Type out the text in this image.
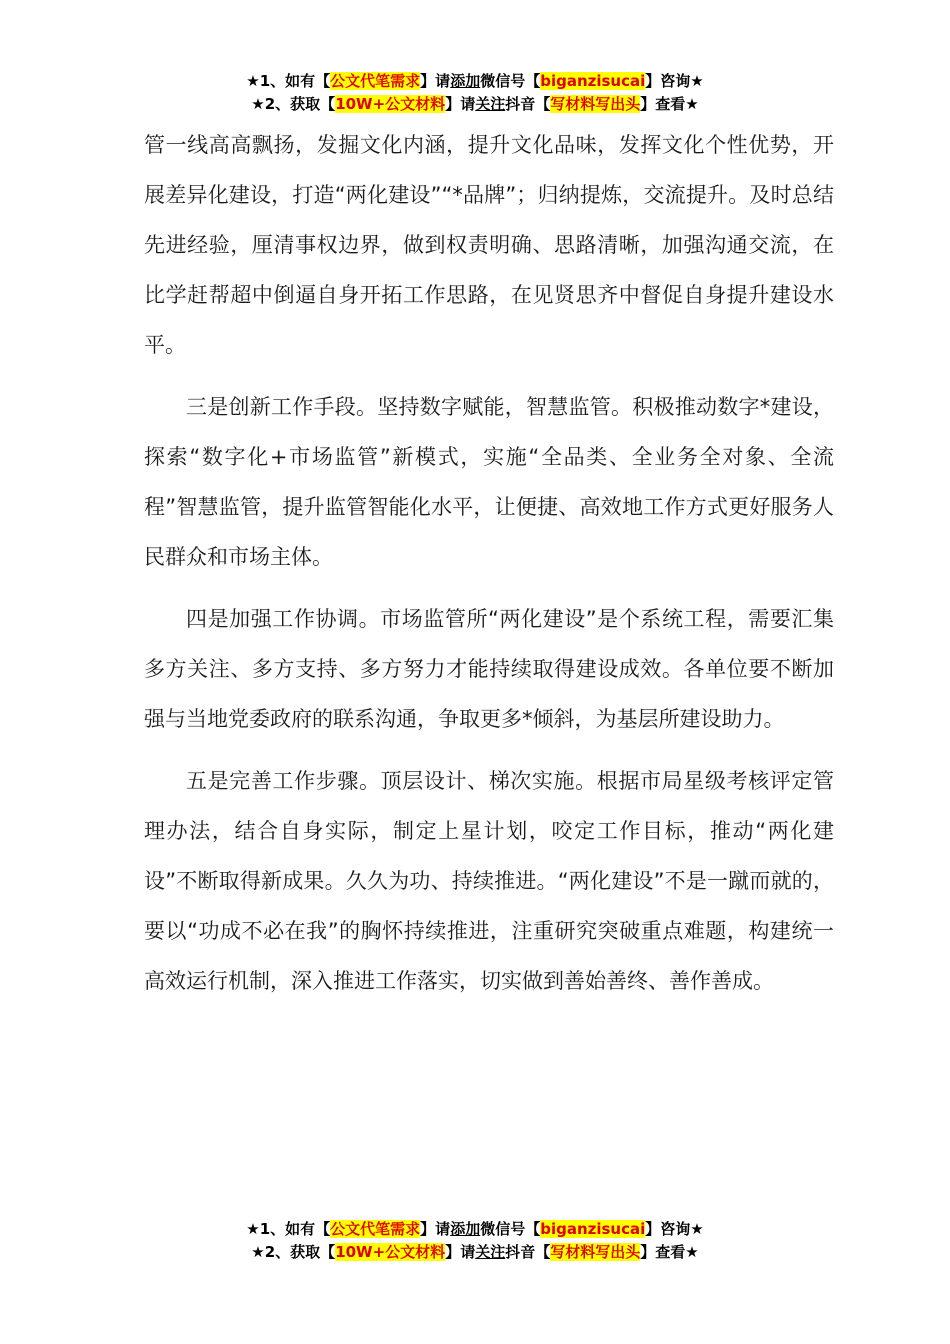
★1、如有【公文代笔需求】请添加微信号【biganzisucai】咨询★
★2、获取【10W+公文材料】请关注抖音【写材料写出头】查看★

管一线高高飘扬，发掘文化内涵，提升文化品味，发挥文化个性优势，开展差异化建设，打造“两化建设”“*品牌”；归纳提炼，交流提升。及时总结先进经验，厘清事权边界，做到权责明确、思路清晰，加强沟通交流，在比学赶帮超中倒逼自身开拓工作思路，在见贤思齐中督促自身提升建设水平。

三是创新工作手段。坚持数字赋能，智慧监管。积极推动数字*建设，探索“数字化+市场监管”新模式，实施“全品类、全业务全对象、全流程”智慧监管，提升监管智能化水平，让便捷、高效地工作方式更好服务人民群众和市场主体。

四是加强工作协调。市场监管所“两化建设”是个系统工程，需要汇集多方关注、多方支持、多方努力才能持续取得建设成效。各单位要不断加强与当地党委政府的联系沟通，争取更多*倾斜，为基层所建设助力。

五是完善工作步骤。顶层设计、梯次实施。根据市局星级考核评定管理办法，结合自身实际，制定上星计划，咬定工作目标，推动“两化建设”不断取得新成果。久久为功、持续推进。“两化建设”不是一蹴而就的，要以“功成不必在我”的胸怀持续推进，注重研究突破重点难题，构建统一高效运行机制，深入推进工作落实，切实做到善始善终、善作善成。

★1、如有【公文代笔需求】请添加微信号【biganzisucai】咨询★
★2、获取【10W+公文材料】请关注抖音【写材料写出头】查看★
